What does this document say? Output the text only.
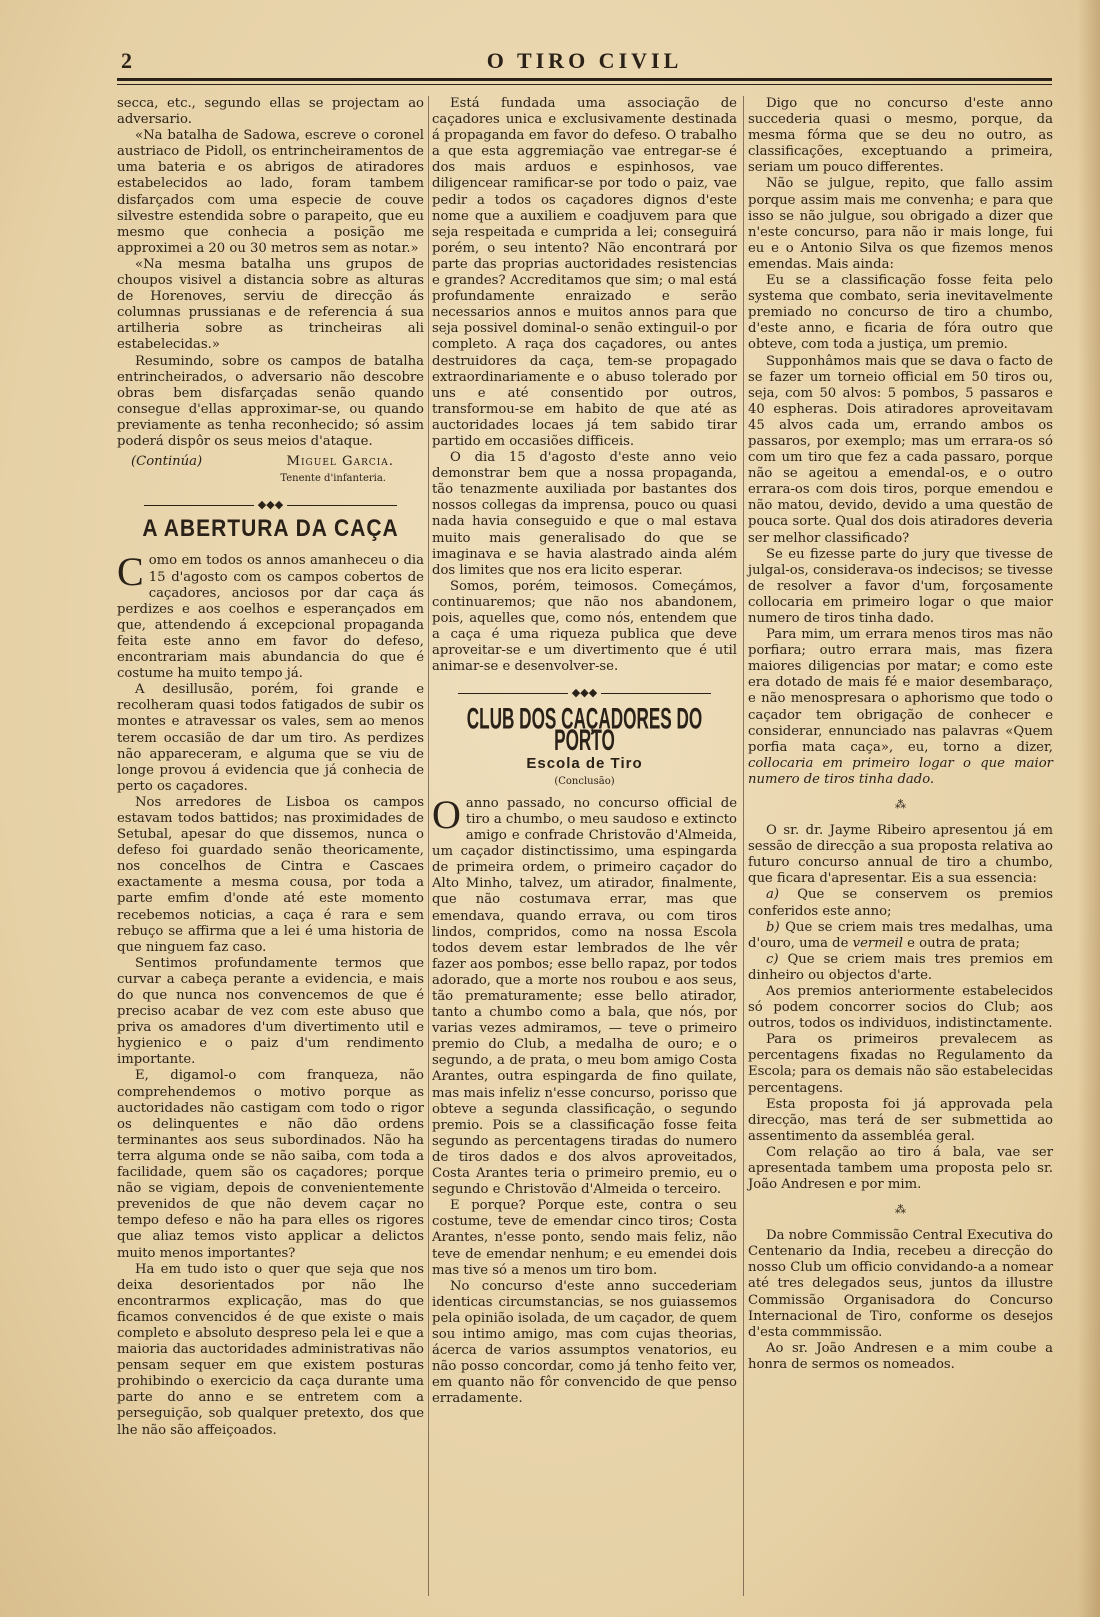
2	O TIRO CIVIL

secca, etc., segundo ellas se projectam ao adversario.

«Na batalha de Sadowa, escreve o coronel austriaco de Pidoll, os entrincheiramentos de uma bateria e os abrigos de atiradores estabelecidos ao lado, foram tambem disfarçados com uma especie de couve silvestre estendida sobre o parapeito, que eu mesmo que conhecia a posição me approximei a 20 ou 30 metros sem as notar.»

«Na mesma batalha uns grupos de choupos visivel a distancia sobre as alturas de Horenoves, serviu de direcção ás columnas prussianas e de referencia á sua artilheria sobre as trincheiras ali estabelecidas.»

Resumindo, sobre os campos de batalha entrincheirados, o adversario não descobre obras bem disfarçadas senão quando consegue d'ellas approximar-se, ou quando previamente as tenha reconhecido; só assim poderá dispôr os seus meios d'ataque.

(Continúa)	Miguel Garcia.
Tenente d'infanteria.
◆◆◆
A ABERTURA DA CAÇA

Como em todos os annos amanheceu o dia 15 d'agosto com os campos cobertos de caçadores, anciosos por dar caça ás perdizes e aos coelhos e esperançados em que, attendendo á excepcional propaganda feita este anno em favor do defeso, encontrariam mais abundancia do que é costume ha muito tempo já.

A desillusão, porém, foi grande e recolheram quasi todos fatigados de subir os montes e atravessar os vales, sem ao menos terem occasião de dar um tiro. As perdizes não appareceram, e alguma que se viu de longe provou á evidencia que já conhecia de perto os caçadores.

Nos arredores de Lisboa os campos estavam todos battidos; nas proximidades de Setubal, apesar do que dissemos, nunca o defeso foi guardado senão theoricamente, nos concelhos de Cintra e Cascaes exactamente a mesma cousa, por toda a parte emfim d'onde até este momento recebemos noticias, a caça é rara e sem rebuço se affirma que a lei é uma historia de que ninguem faz caso.

Sentimos profundamente termos que curvar a cabeça perante a evidencia, e mais do que nunca nos convencemos de que é preciso acabar de vez com este abuso que priva os amadores d'um divertimento util e hygienico e o paiz d'um rendimento importante.

E, digamol-o com franqueza, não comprehendemos o motivo porque as auctoridades não castigam com todo o rigor os delinquentes e não dão ordens terminantes aos seus subordinados. Não ha terra alguma onde se não saiba, com toda a facilidade, quem são os caçadores; porque não se vigiam, depois de convenientemente prevenidos de que não devem caçar no tempo defeso e não ha para elles os rigores que aliaz temos visto applicar a delictos muito menos importantes?

Ha em tudo isto o quer que seja que nos deixa desorientados por não lhe encontrarmos explicação, mas do que ficamos convencidos é de que existe o mais completo e absoluto despreso pela lei e que a maioria das auctoridades administrativas não pensam sequer em que existem posturas prohibindo o exercicio da caça durante uma parte do anno e se entretem com a perseguição, sob qualquer pretexto, dos que lhe não são affeiçoados.

Está fundada uma associação de caçadores unica e exclusivamente destinada á propaganda em favor do defeso. O trabalho a que esta aggremiação vae entregar-se é dos mais arduos e espinhosos, vae diligencear ramificar-se por todo o paiz, vae pedir a todos os caçadores dignos d'este nome que a auxiliem e coadjuvem para que seja respeitada e cumprida a lei; conseguirá porém, o seu intento? Não encontrará por parte das proprias auctoridades resistencias e grandes? Accreditamos que sim; o mal está profundamente enraizado e serão necessarios annos e muitos annos para que seja possivel dominal-o senão extinguil-o por completo. A raça dos caçadores, ou antes destruidores da caça, tem-se propagado extraordinariamente e o abuso tolerado por uns e até consentido por outros, transformou-se em habito de que até as auctoridades locaes já tem sabido tirar partido em occasiões difficeis.

O dia 15 d'agosto d'este anno veio demonstrar bem que a nossa propaganda, tão tenazmente auxiliada por bastantes dos nossos collegas da imprensa, pouco ou quasi nada havia conseguido e que o mal estava muito mais generalisado do que se imaginava e se havia alastrado ainda além dos limites que nos era licito esperar.

Somos, porém, teimosos. Começámos, continuaremos; que não nos abandonem, pois, aquelles que, como nós, entendem que a caça é uma riqueza publica que deve aproveitar-se e um divertimento que é util animar-se e desenvolver-se.

◆◆◆
CLUB DOS CAÇADORES DO PORTO
Escola de Tiro
(Conclusão)

Oanno passado, no concurso official de tiro a chumbo, o meu saudoso e extincto amigo e confrade Christovão d'Almeida, um caçador distinctissimo, uma espingarda de primeira ordem, o primeiro caçador do Alto Minho, talvez, um atirador, finalmente, que não costumava errar, mas que emendava, quando errava, ou com tiros lindos, compridos, como na nossa Escola todos devem estar lembrados de lhe vêr fazer aos pombos; esse bello rapaz, por todos adorado, que a morte nos roubou e aos seus, tão prematuramente; esse bello atirador, tanto a chumbo como a bala, que nós, por varias vezes admiramos, — teve o primeiro premio do Club, a medalha de ouro; e o segundo, a de prata, o meu bom amigo Costa Arantes, outra espingarda de fino quilate, mas mais infeliz n'esse concurso, porisso que obteve a segunda classificação, o segundo premio. Pois se a classificação fosse feita segundo as percentagens tiradas do numero de tiros dados e dos alvos aproveitados, Costa Arantes teria o primeiro premio, eu o segundo e Christovão d'Almeida o terceiro.

E porque? Porque este, contra o seu costume, teve de emendar cinco tiros; Costa Arantes, n'esse ponto, sendo mais feliz, não teve de emendar nenhum; e eu emendei dois mas tive só a menos um tiro bom.

No concurso d'este anno succederiam identicas circumstancias, se nos guiassemos pela opinião isolada, de um caçador, de quem sou intimo amigo, mas com cujas theorias, ácerca de varios assumptos venatorios, eu não posso concordar, como já tenho feito ver, em quanto não fôr convencido de que penso erradamente.

Digo que no concurso d'este anno succederia quasi o mesmo, porque, da mesma fórma que se deu no outro, as classificações, exceptuando a primeira, seriam um pouco differentes.

Não se julgue, repito, que fallo assim porque assim mais me convenha; e para que isso se não julgue, sou obrigado a dizer que n'este concurso, para não ir mais longe, fui eu e o Antonio Silva os que fizemos menos emendas. Mais ainda:

Eu se a classificação fosse feita pelo systema que combato, seria inevitavelmente premiado no concurso de tiro a chumbo, d'este anno, e ficaria de fóra outro que obteve, com toda a justiça, um premio.

Supponhâmos mais que se dava o facto de se fazer um torneio official em 50 tiros ou, seja, com 50 alvos: 5 pombos, 5 passaros e 40 espheras. Dois atiradores aproveitavam 45 alvos cada um, errando ambos os passaros, por exemplo; mas um errara-os só com um tiro que fez a cada passaro, porque não se ageitou a emendal-os, e o outro errara-os com dois tiros, porque emendou e não matou, devido, devido a uma questão de pouca sorte. Qual dos dois atiradores deveria ser melhor classificado?

Se eu fizesse parte do jury que tivesse de julgal-os, considerava-os indecisos; se tivesse de resolver a favor d'um, forçosamente collocaria em primeiro logar o que maior numero de tiros tinha dado.

Para mim, um errara menos tiros mas não porfiara; outro errara mais, mas fizera maiores diligencias por matar; e como este era dotado de mais fé e maior desembaraço, e não menospresara o aphorismo que todo o caçador tem obrigação de conhecer e considerar, ennunciado nas palavras «Quem porfia mata caça», eu, torno a dizer, collocaria em primeiro logar o que maior numero de tiros tinha dado.

⁂

O sr. dr. Jayme Ribeiro apresentou já em sessão de direcção a sua proposta relativa ao futuro concurso annual de tiro a chumbo, que ficara d'apresentar. Eis a sua essencia:

a) Que se conservem os premios conferidos este anno;

b) Que se criem mais tres medalhas, uma d'ouro, uma de vermeil e outra de prata;

c) Que se criem mais tres premios em dinheiro ou objectos d'arte.

Aos premios anteriormente estabelecidos só podem concorrer socios do Club; aos outros, todos os individuos, indistinctamente.

Para os primeiros prevalecem as percentagens fixadas no Regulamento da Escola; para os demais não são estabelecidas percentagens.

Esta proposta foi já approvada pela direcção, mas terá de ser submettida ao assentimento da assembléa geral.

Com relação ao tiro á bala, vae ser apresentada tambem uma proposta pelo sr. João Andresen e por mim.

⁂

Da nobre Commissão Central Executiva do Centenario da India, recebeu a direcção do nosso Club um officio convidando-a a nomear até tres delegados seus, juntos da illustre Commissão Organisadora do Concurso Internacional de Tiro, conforme os desejos d'esta commmissão.

Ao sr. João Andresen e a mim coube a honra de sermos os nomeados.
